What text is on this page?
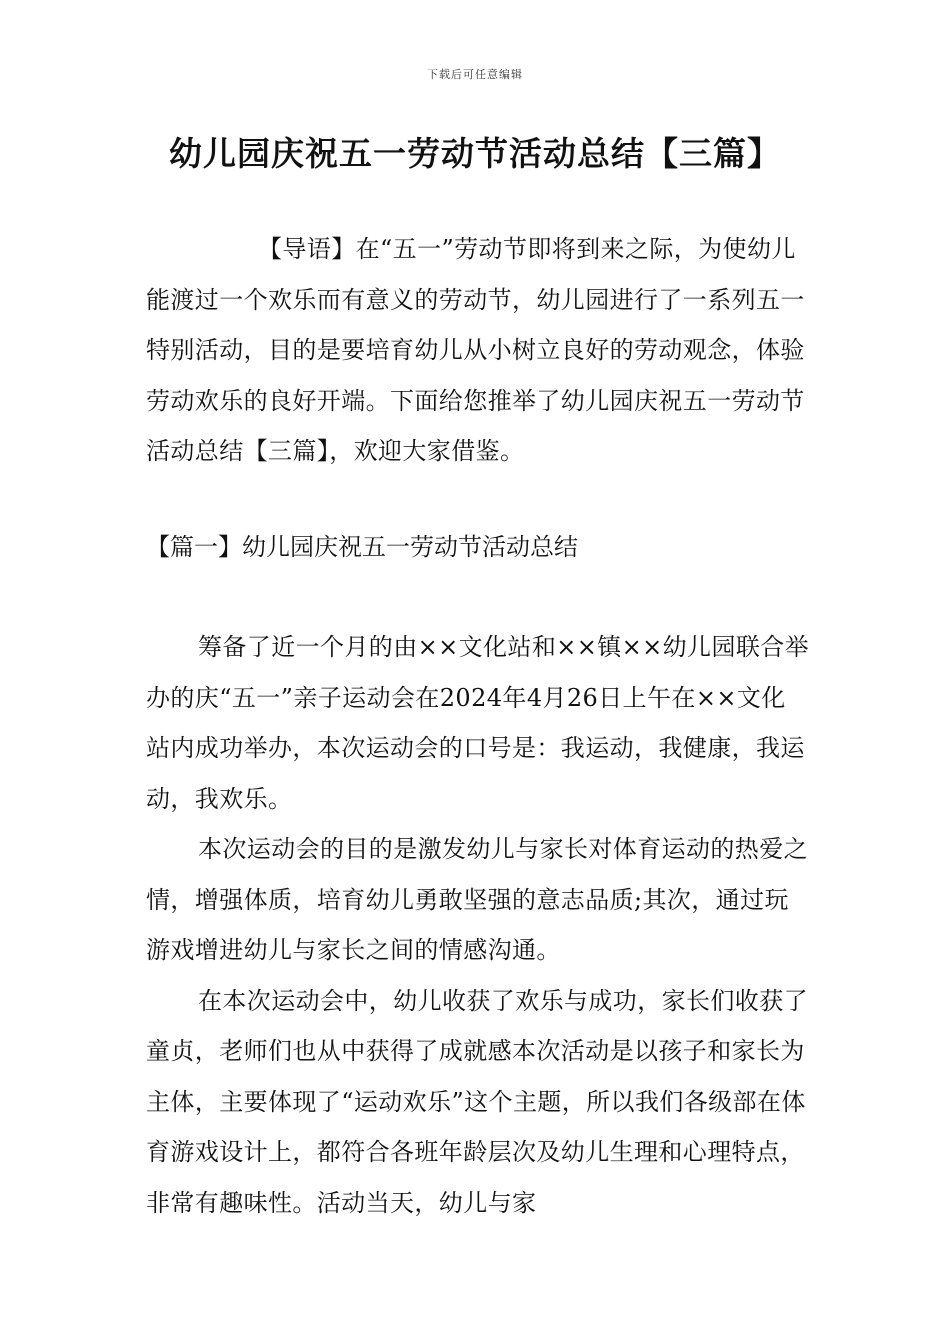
下载后可任意编辑
幼儿园庆祝五一劳动节活动总结【三篇】

【导语】在“五一”劳动节即将到来之际，为使幼儿能渡过一个欢乐而有意义的劳动节，幼儿园进行了一系列五一特别活动，目的是要培育幼儿从小树立良好的劳动观念，体验劳动欢乐的良好开端。下面给您推举了幼儿园庆祝五一劳动节活动总结【三篇】，欢迎大家借鉴。

【篇一】幼儿园庆祝五一劳动节活动总结

筹备了近一个月的由××文化站和××镇××幼儿园联合举办的庆“五一”亲子运动会在2024年4月26日上午在××文化站内成功举办，本次运动会的口号是：我运动，我健康，我运动，我欢乐。

本次运动会的目的是激发幼儿与家长对体育运动的热爱之情，增强体质，培育幼儿勇敢坚强的意志品质;其次，通过玩游戏增进幼儿与家长之间的情感沟通。

在本次运动会中，幼儿收获了欢乐与成功，家长们收获了童贞，老师们也从中获得了成就感本次活动是以孩子和家长为主体，主要体现了“运动欢乐”这个主题，所以我们各级部在体育游戏设计上，都符合各班年龄层次及幼儿生理和心理特点，非常有趣味性。活动当天，幼儿与家
